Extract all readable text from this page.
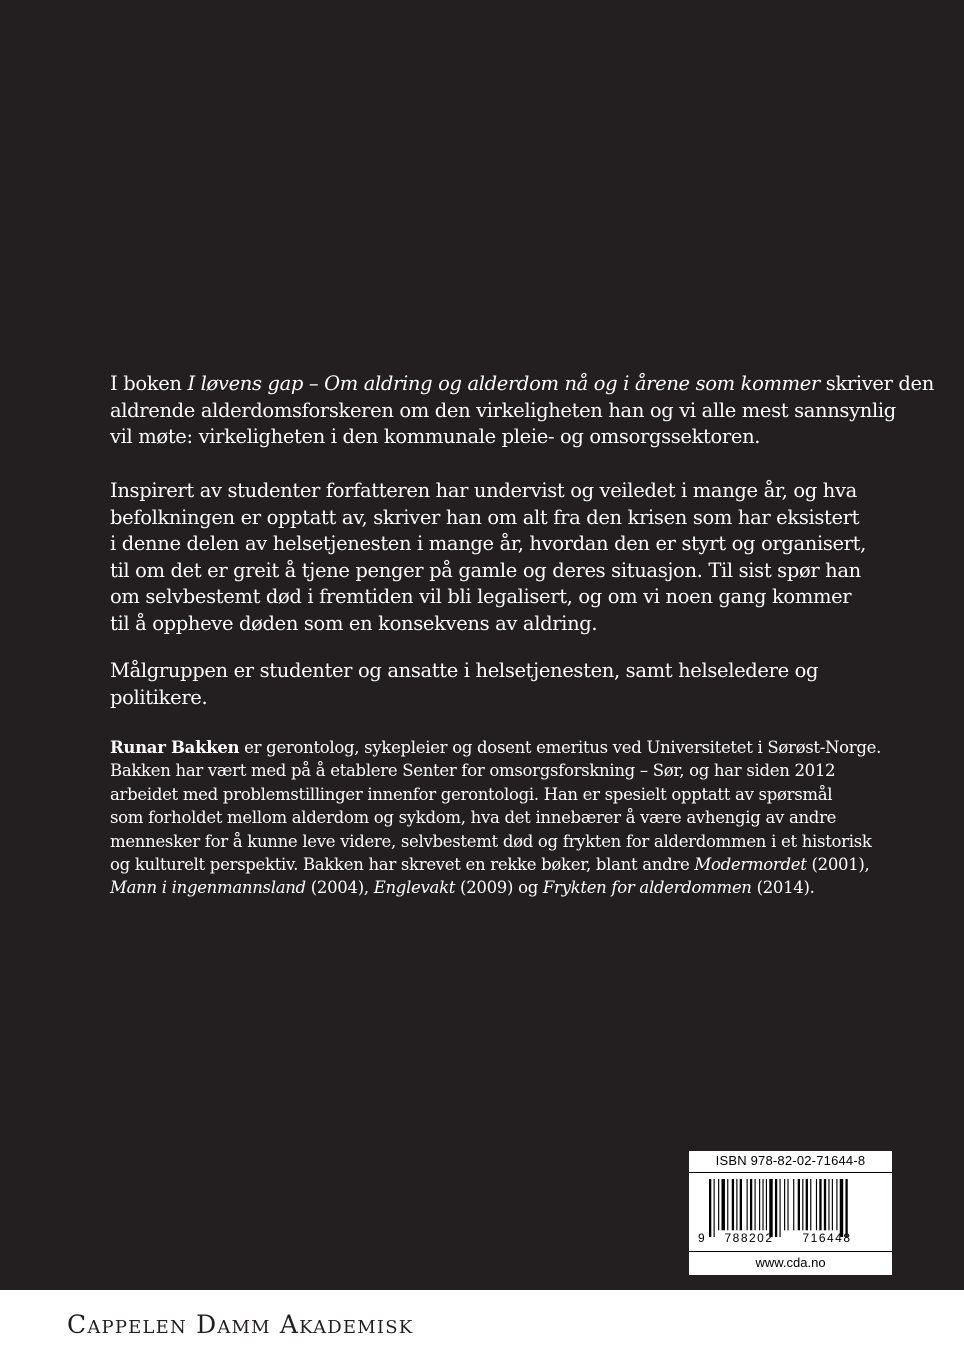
I boken I løvens gap – Om aldring og alderdom nå og i årene som kommer skriver den
aldrende alderdomsforskeren om den virkeligheten han og vi alle mest sannsynlig
vil møte: virkeligheten i den kommunale pleie- og omsorgssektoren.
Inspirert av studenter forfatteren har undervist og veiledet i mange år, og hva
befolkningen er opptatt av, skriver han om alt fra den krisen som har eksistert
i denne delen av helsetjenesten i mange år, hvordan den er styrt og organisert,
til om det er greit å tjene penger på gamle og deres situasjon. Til sist spør han
om selvbestemt død i fremtiden vil bli legalisert, og om vi noen gang kommer
til å oppheve døden som en konsekvens av aldring.
Målgruppen er studenter og ansatte i helsetjenesten, samt helseledere og
politikere.
Runar Bakken er gerontolog, sykepleier og dosent emeritus ved Universitetet i Sørøst-Norge.
Bakken har vært med på å etablere Senter for omsorgsforskning – Sør, og har siden 2012
arbeidet med problemstillinger innenfor gerontologi. Han er spesielt opptatt av spørsmål
som forholdet mellom alderdom og sykdom, hva det innebærer å være avhengig av andre
mennesker for å kunne leve videre, selvbestemt død og frykten for alderdommen i et historisk
og kulturelt perspektiv. Bakken har skrevet en rekke bøker, blant andre Modermordet (2001),
Mann i ingenmannsland (2004), Englevakt (2009) og Frykten for alderdommen (2014).
ISBN 978-82-02-71644-8
9	788202	716448
www.cda.no
Cappelen Damm Akademisk
